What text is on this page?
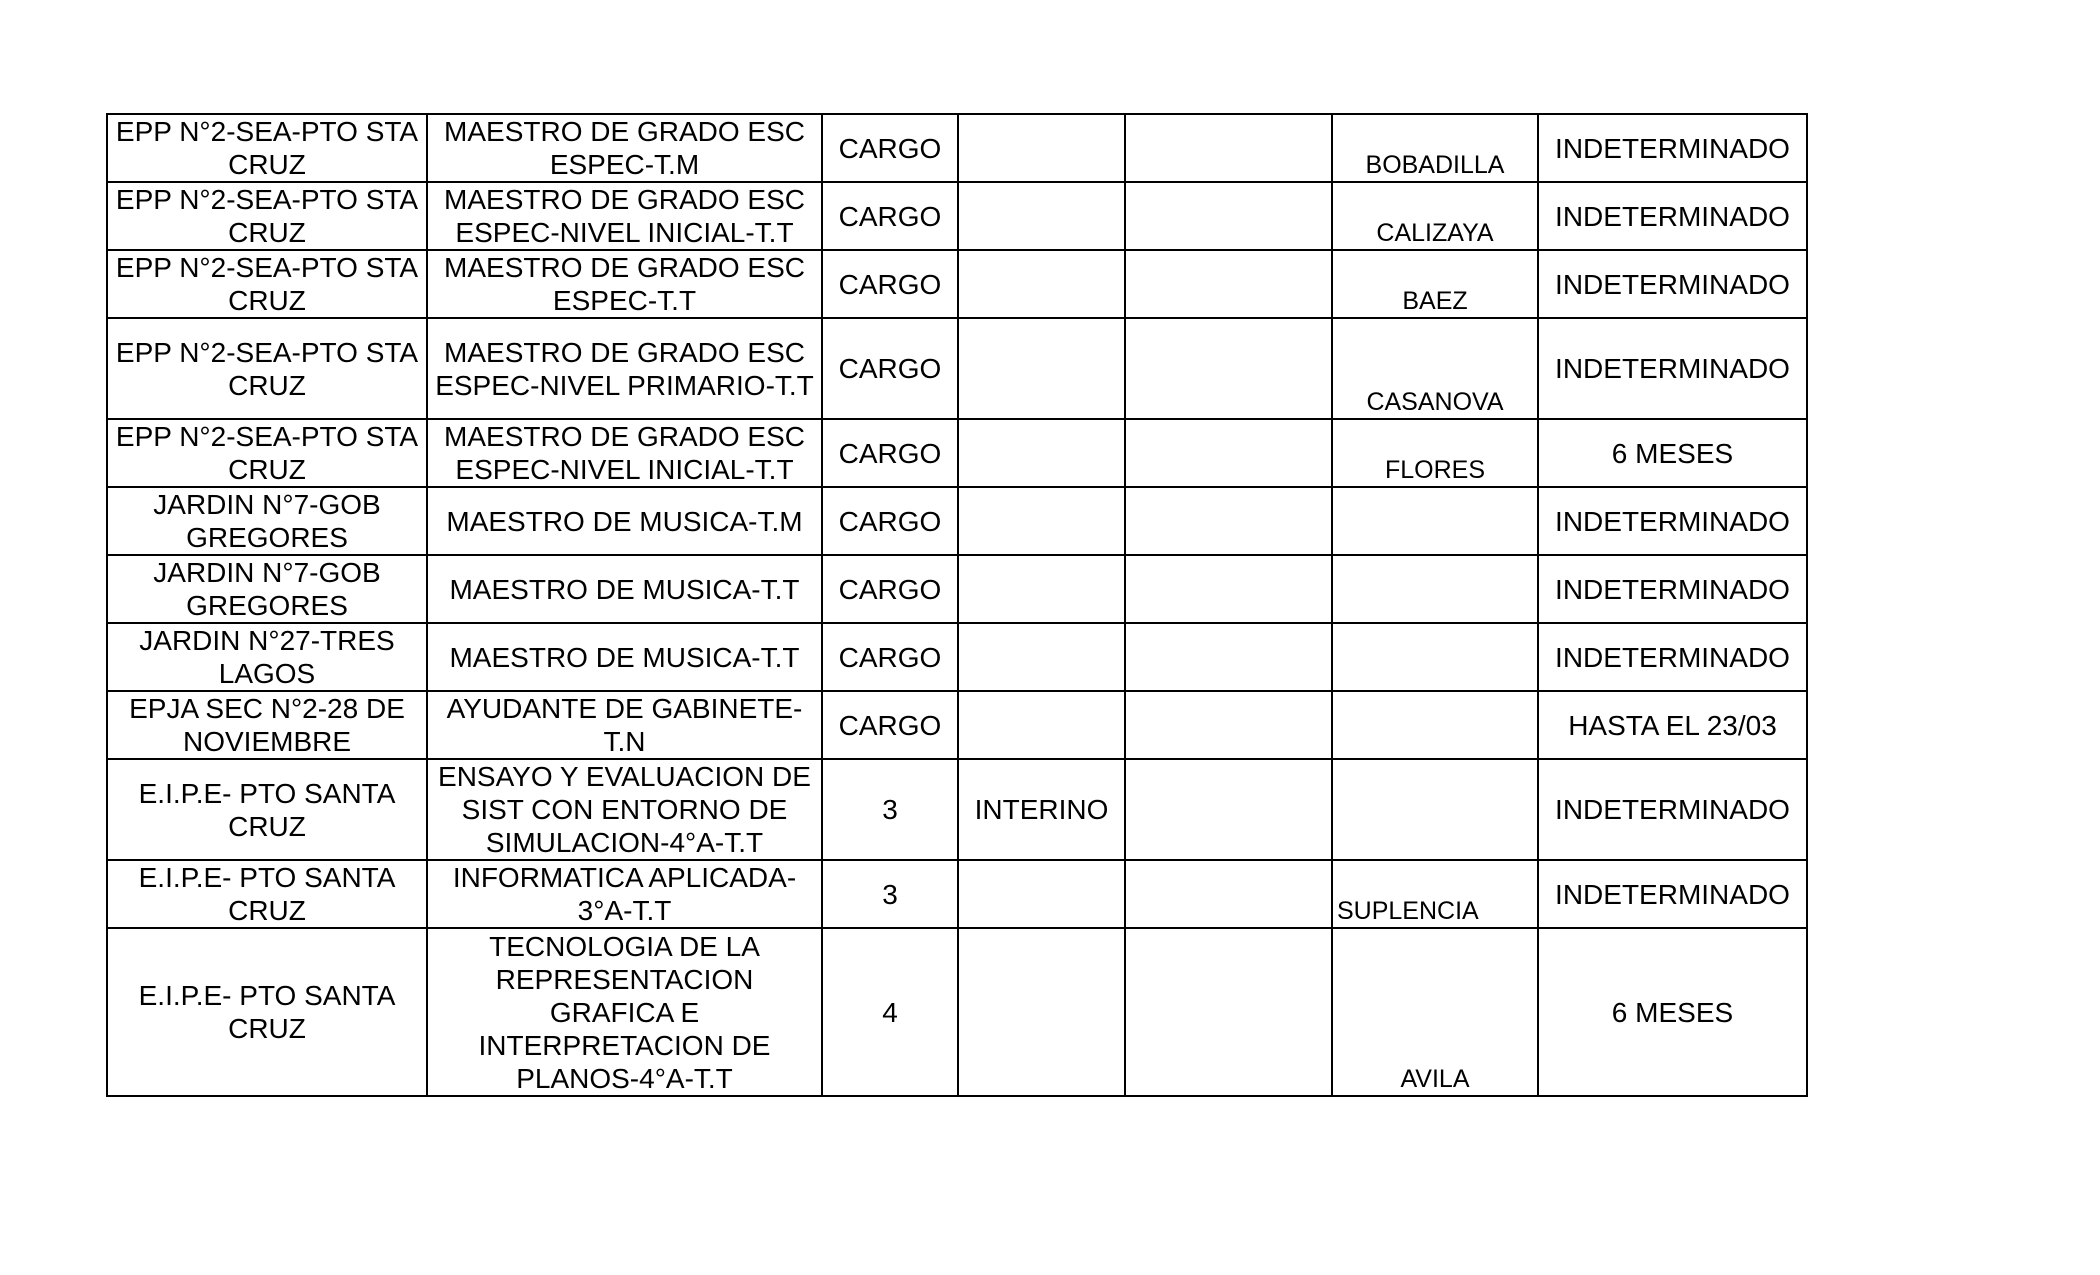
EPP N°2-SEA-PTO STA CRUZ	MAESTRO DE GRADO ESC ESPEC-T.M	CARGO			BOBADILLA	INDETERMINADO
EPP N°2-SEA-PTO STA CRUZ	MAESTRO DE GRADO ESC ESPEC-NIVEL INICIAL-T.T	CARGO			CALIZAYA	INDETERMINADO
EPP N°2-SEA-PTO STA CRUZ	MAESTRO DE GRADO ESC ESPEC-T.T	CARGO			BAEZ	INDETERMINADO
EPP N°2-SEA-PTO STA CRUZ	MAESTRO DE GRADO ESC ESPEC-NIVEL PRIMARIO-T.T	CARGO			CASANOVA	INDETERMINADO
EPP N°2-SEA-PTO STA CRUZ	MAESTRO DE GRADO ESC ESPEC-NIVEL INICIAL-T.T	CARGO			FLORES	6 MESES
JARDIN N°7-GOB GREGORES	MAESTRO DE MUSICA-T.M	CARGO				INDETERMINADO
JARDIN N°7-GOB GREGORES	MAESTRO DE MUSICA-T.T	CARGO				INDETERMINADO
JARDIN N°27-TRES LAGOS	MAESTRO DE MUSICA-T.T	CARGO				INDETERMINADO
EPJA SEC N°2-28 DE NOVIEMBRE	AYUDANTE DE GABINETE-T.N	CARGO				HASTA EL 23/03
E.I.P.E- PTO SANTA CRUZ	ENSAYO Y EVALUACION DE SIST CON ENTORNO DE SIMULACION-4°A-T.T	3	INTERINO			INDETERMINADO
E.I.P.E- PTO SANTA CRUZ	INFORMATICA APLICADA-3°A-T.T	3			SUPLENCIA	INDETERMINADO
E.I.P.E- PTO SANTA CRUZ	TECNOLOGIA DE LA REPRESENTACION GRAFICA E INTERPRETACION DE PLANOS-4°A-T.T	4			AVILA	6 MESES
